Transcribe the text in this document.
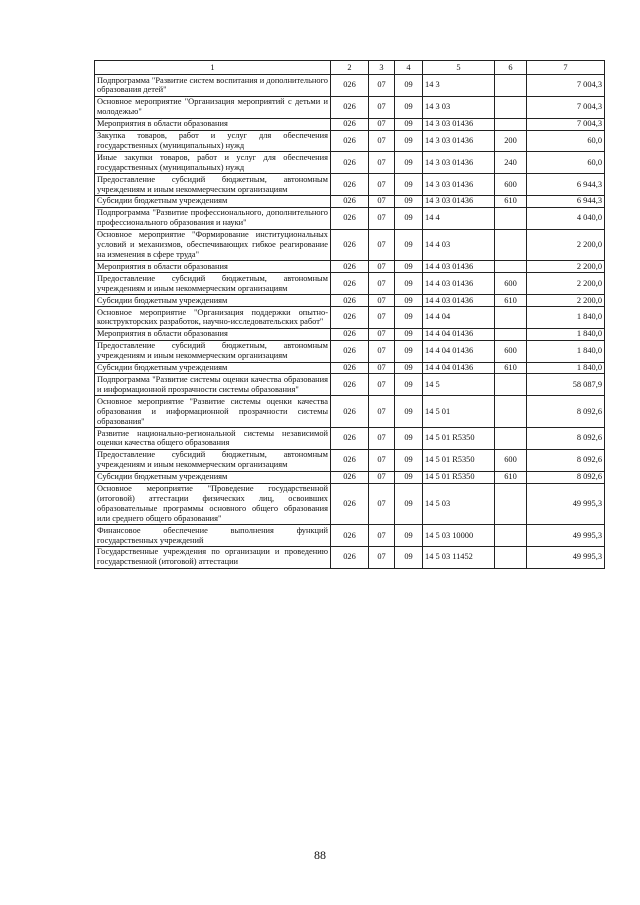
1	2	3	4	5	6	7
Подпрограмма "Развитие систем воспитания и дополнительного образования детей"	026	07	09	14 3		7 004,3
Основное мероприятие "Организация мероприятий с детьми и молодежью"	026	07	09	14 3 03		7 004,3
Мероприятия в области образования	026	07	09	14 3 03 01436		7 004,3
Закупка товаров, работ и услуг для обеспечения государственных (муниципальных) нужд	026	07	09	14 3 03 01436	200	60,0
Иные закупки товаров, работ и услуг для обеспечения государственных (муниципальных) нужд	026	07	09	14 3 03 01436	240	60,0
Предоставление субсидий бюджетным, автономным учреждениям и иным некоммерческим организациям	026	07	09	14 3 03 01436	600	6 944,3
Субсидии бюджетным учреждениям	026	07	09	14 3 03 01436	610	6 944,3
Подпрограмма "Развитие профессионального, дополнительного профессионального образования и науки"	026	07	09	14 4		4 040,0
Основное мероприятие "Формирование институциональных условий и механизмов, обеспечивающих гибкое реагирование на изменения в сфере труда"	026	07	09	14 4 03		2 200,0
Мероприятия в области образования	026	07	09	14 4 03 01436		2 200,0
Предоставление субсидий бюджетным, автономным учреждениям и иным некоммерческим организациям	026	07	09	14 4 03 01436	600	2 200,0
Субсидии бюджетным учреждениям	026	07	09	14 4 03 01436	610	2 200,0
Основное мероприятие "Организация поддержки опытно-конструкторских разработок, научно-исследовательских работ"	026	07	09	14 4 04		1 840,0
Мероприятия в области образования	026	07	09	14 4 04 01436		1 840,0
Предоставление субсидий бюджетным, автономным учреждениям и иным некоммерческим организациям	026	07	09	14 4 04 01436	600	1 840,0
Субсидии бюджетным учреждениям	026	07	09	14 4 04 01436	610	1 840,0
Подпрограмма "Развитие системы оценки качества образования и информационной прозрачности системы образования"	026	07	09	14 5		58 087,9
Основное мероприятие "Развитие системы оценки качества образования и информационной прозрачности системы образования"	026	07	09	14 5 01		8 092,6
Развитие национально-региональной системы независимой оценки качества общего образования	026	07	09	14 5 01 R5350		8 092,6
Предоставление субсидий бюджетным, автономным учреждениям и иным некоммерческим организациям	026	07	09	14 5 01 R5350	600	8 092,6
Субсидии бюджетным учреждениям	026	07	09	14 5 01 R5350	610	8 092,6
Основное мероприятие "Проведение государственной (итоговой) аттестации физических лиц, освоивших образовательные программы основного общего образования или среднего общего образования"	026	07	09	14 5 03		49 995,3
Финансовое обеспечение выполнения функций государственных учреждений	026	07	09	14 5 03 10000		49 995,3
Государственные учреждения по организации и проведению государственной (итоговой) аттестации	026	07	09	14 5 03 11452		49 995,3
88
